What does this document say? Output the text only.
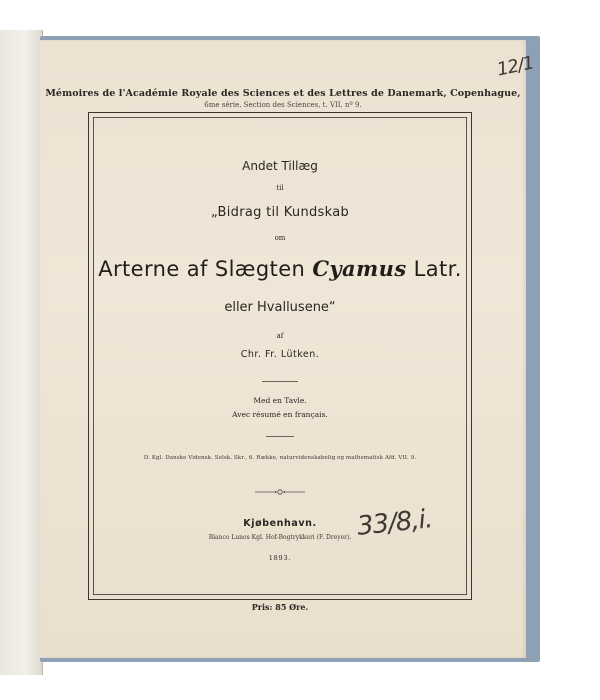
12/1
Mémoires de l'Académie Royale des Sciences et des Lettres de Danemark, Copenhague,
6me série, Section des Sciences, t. VII, nº 9.
Andet Tillæg
til
„Bidrag til Kundskab
om
Arterne af Slægten Cyamus Latr.
eller Hvallusene“
af
Chr. Fr. Lütken.
Med en Tavle.
Avec résumé en français.
D. Kgl. Danske Vidensk. Selsk. Skr., 6. Række, naturvidenskabelig og mathematisk Afd. VII. 9.
Kjøbenhavn.
Bianco Lunos Kgl. Hof-Bogtrykkeri (F. Dreyer).
1893.
33/8,i.
Pris: 85 Øre.
